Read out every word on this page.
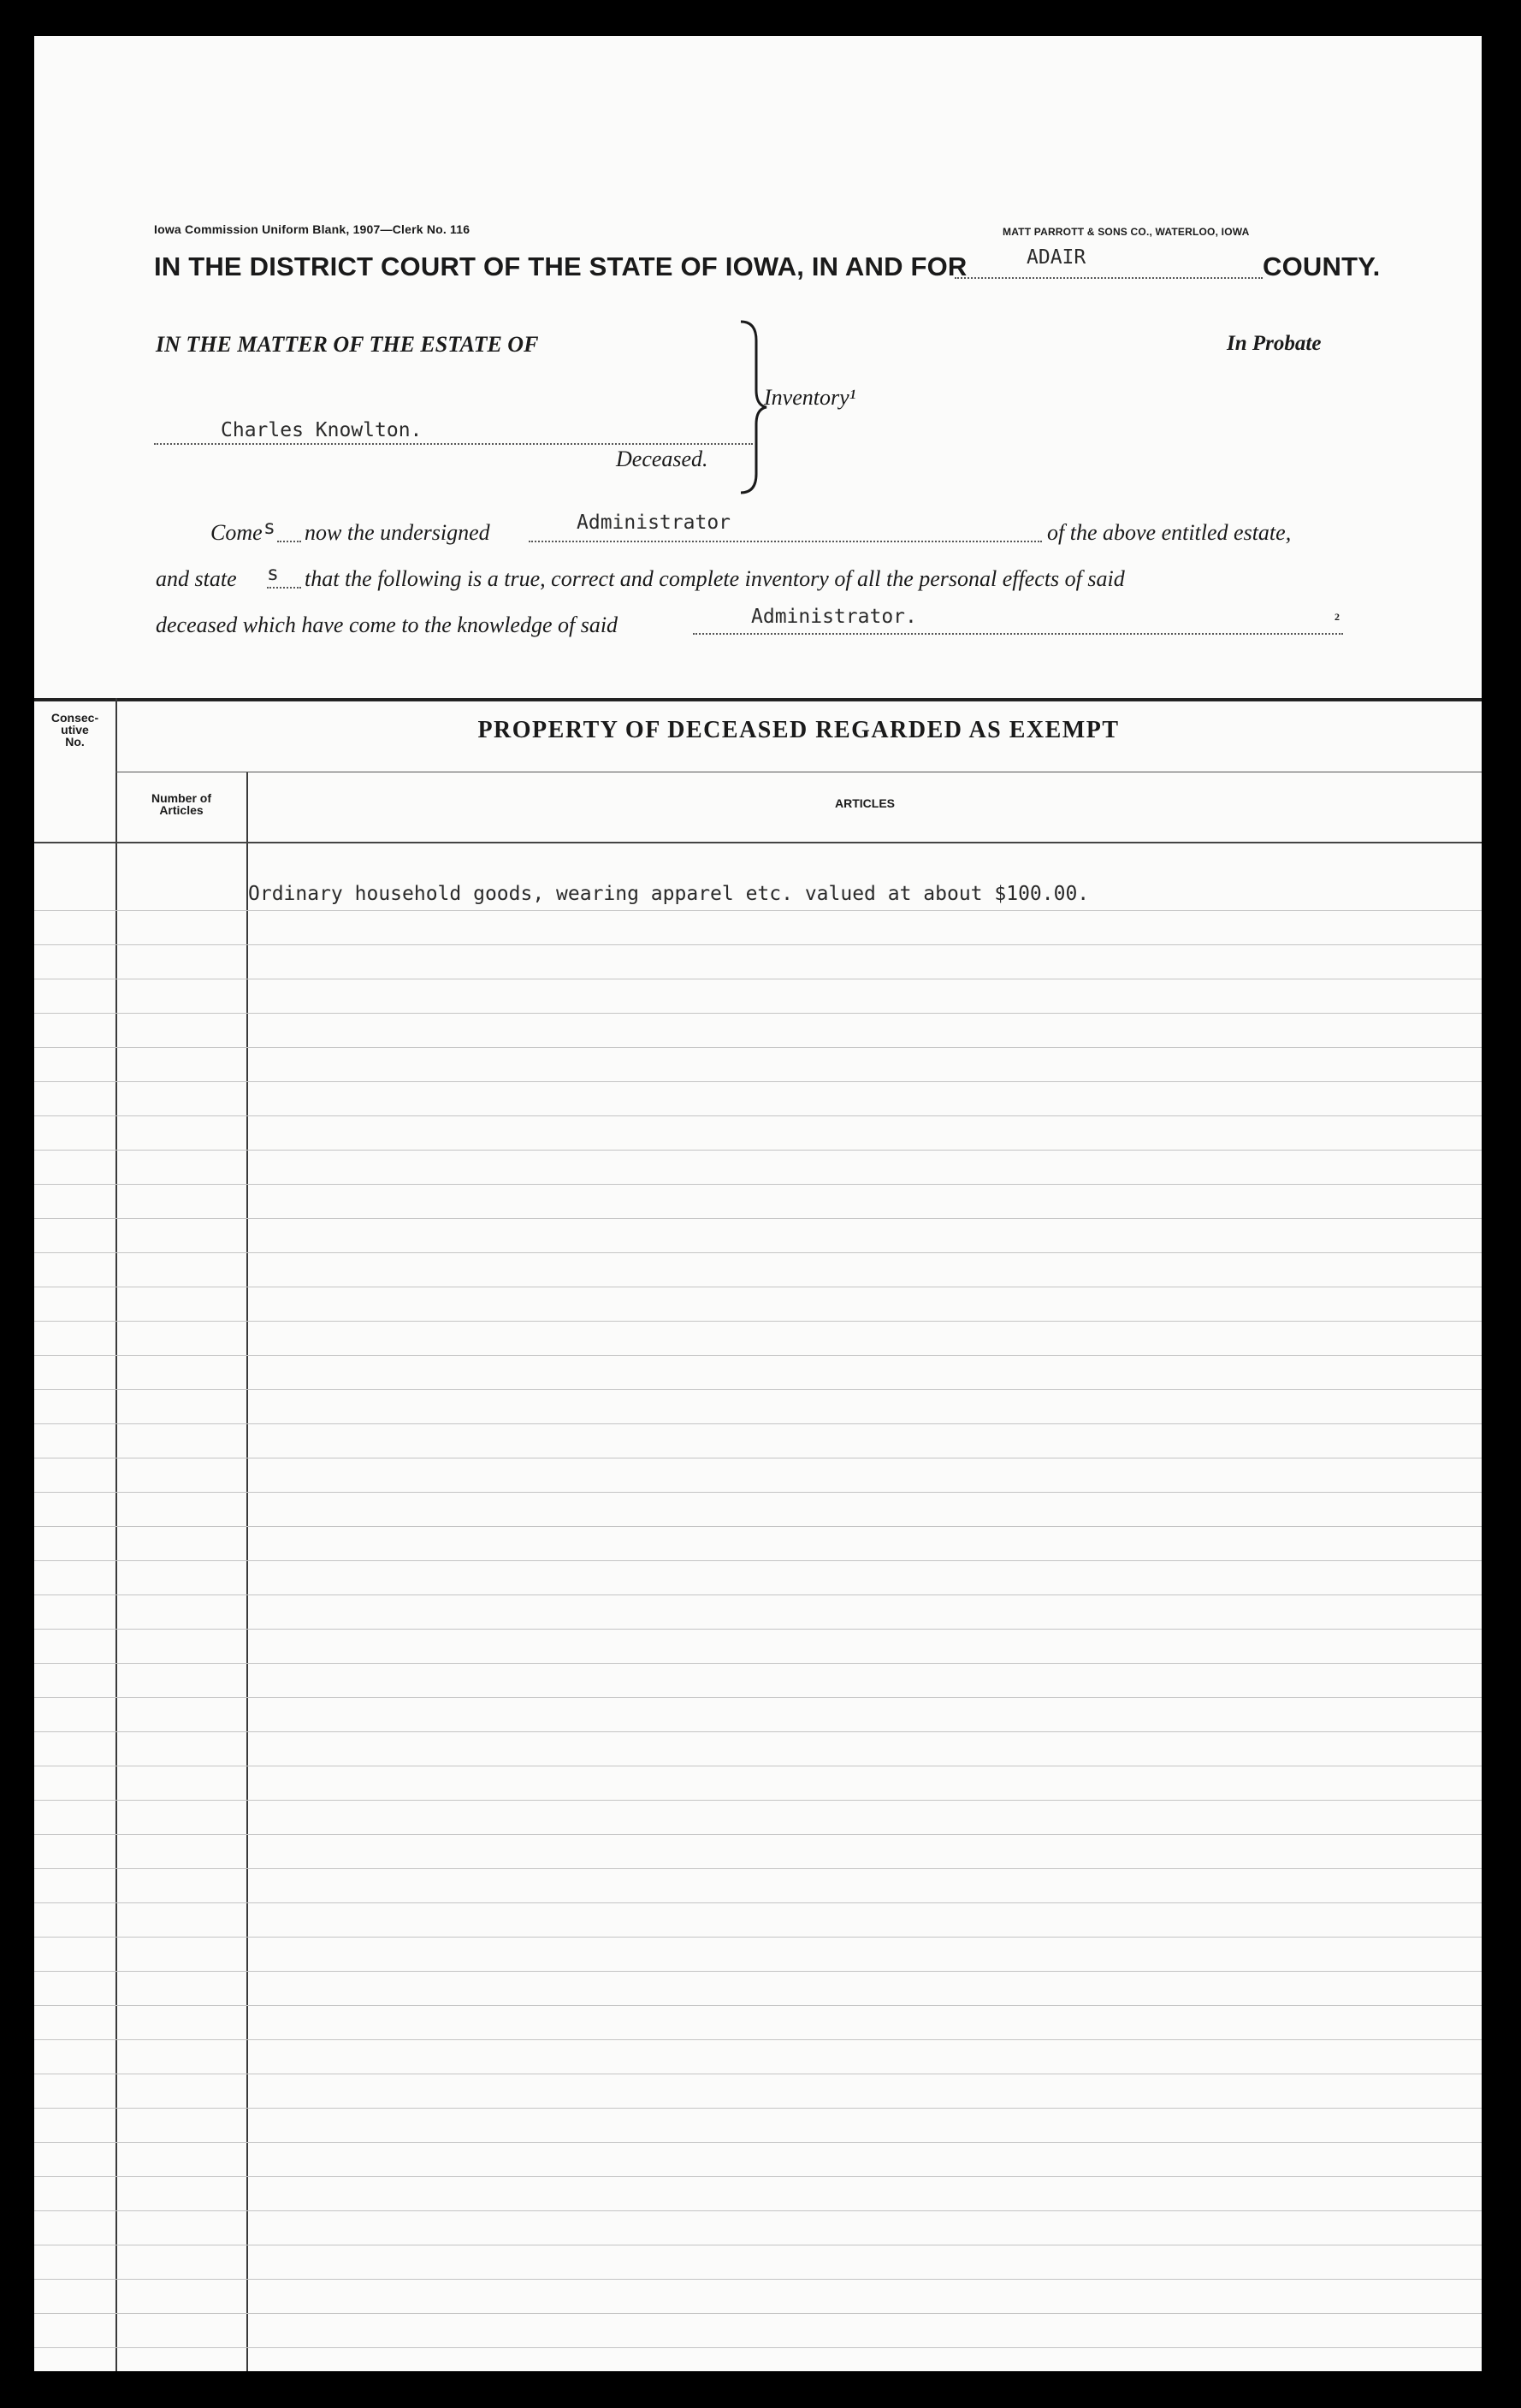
Iowa Commission Uniform Blank, 1907—Clerk No. 116	MATT PARROTT & SONS CO., WATERLOO, IOWA
IN THE DISTRICT COURT OF THE STATE OF IOWA, IN AND FOR	ADAIR	COUNTY.
IN THE MATTER OF THE ESTATE OF	In Probate
Inventory¹
Charles Knowlton.
Deceased.
Come s now the undersigned	Administrator	of the above entitled estate,
and state s that the following is a true, correct and complete inventory of all the personal effects of said
deceased which have come to the knowledge of said	Administrator.	2
Consec-
utive
No.	PROPERTY OF DECEASED REGARDED AS EXEMPT
Number of
Articles	ARTICLES
Ordinary household goods, wearing apparel etc. valued at about $100.00.
